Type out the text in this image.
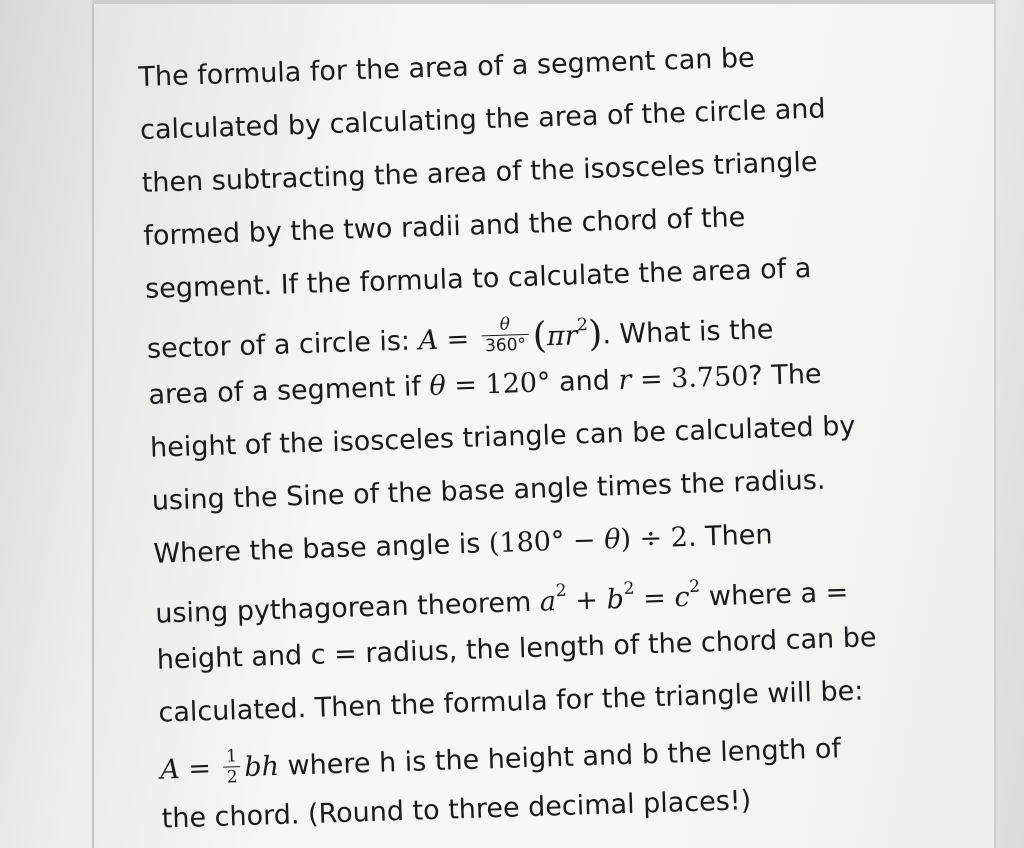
The formula for the area of a segment can be
calculated by calculating the area of the circle and
then subtracting the area of the isosceles triangle
formed by the two radii and the chord of the
segment. If the formula to calculate the area of a
sector of a circle is: $A = \frac{\theta}{360^\circ} (\pi r^2)$. What is the
area of a segment if θ = 120° and r = 3.750? The
height of the isosceles triangle can be calculated by
using the Sine of the base angle times the radius.
Where the base angle is (180° − θ) ÷ 2. Then
using pythagorean theorem $a^2 + b^2 = c^2$ where a =
height and c = radius, the length of the chord can be
calculated. Then the formula for the triangle will be:
$A = \frac{1}{2}$ bh where h is the height and b the length of
the chord. (Round to three decimal places!)
